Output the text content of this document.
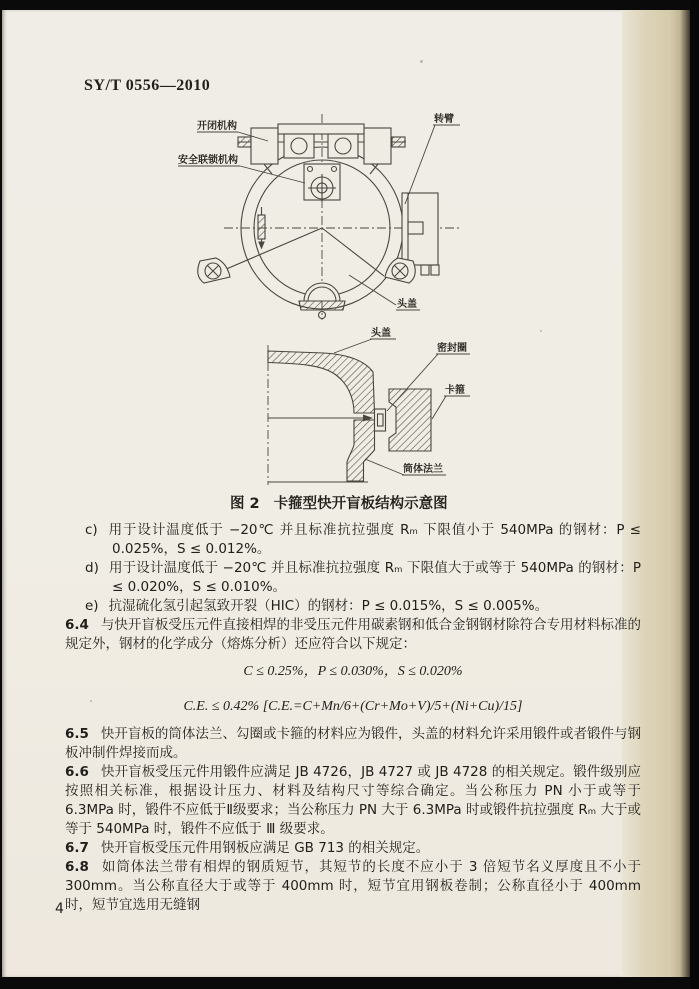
SY/T 0556—2010
开闭机构
安全联锁机构
转臂
头盖
头盖
密封圈
卡箍
筒体法兰
图 2 卡箍型快开盲板结构示意图

c) 用于设计温度低于 −20℃ 并且标准抗拉强度 Rₘ 下限值小于 540MPa 的钢材：P ≤ 0.025%，S ≤ 0.012%。

d) 用于设计温度低于 −20℃ 并且标准抗拉强度 Rₘ 下限值大于或等于 540MPa 的钢材：P ≤ 0.020%，S ≤ 0.010%。

e) 抗湿硫化氢引起氢致开裂（HIC）的钢材：P ≤ 0.015%，S ≤ 0.005%。

6.4 与快开盲板受压元件直接相焊的非受压元件用碳素钢和低合金钢钢材除符合专用材料标准的规定外，钢材的化学成分（熔炼分析）还应符合以下规定：

C ≤ 0.25%，P ≤ 0.030%，S ≤ 0.020%

C.E. ≤ 0.42% [C.E.=C+Mn/6+(Cr+Mo+V)/5+(Ni+Cu)/15]

6.5 快开盲板的筒体法兰、勾圈或卡箍的材料应为锻件，头盖的材料允许采用锻件或者锻件与钢板冲制件焊接而成。

6.6 快开盲板受压元件用锻件应满足 JB 4726，JB 4727 或 JB 4728 的相关规定。锻件级别应按照相关标准，根据设计压力、材料及结构尺寸等综合确定。当公称压力 PN 小于或等于 6.3MPa 时，锻件不应低于Ⅱ级要求；当公称压力 PN 大于 6.3MPa 时或锻件抗拉强度 Rₘ 大于或等于 540MPa 时，锻件不应低于 Ⅲ 级要求。

6.7 快开盲板受压元件用钢板应满足 GB 713 的相关规定。

6.8 如筒体法兰带有相焊的钢质短节，其短节的长度不应小于 3 倍短节名义厚度且不小于 300mm。当公称直径大于或等于 400mm 时，短节宜用钢板卷制；公称直径小于 400mm 时，短节宜选用无缝钢

4
